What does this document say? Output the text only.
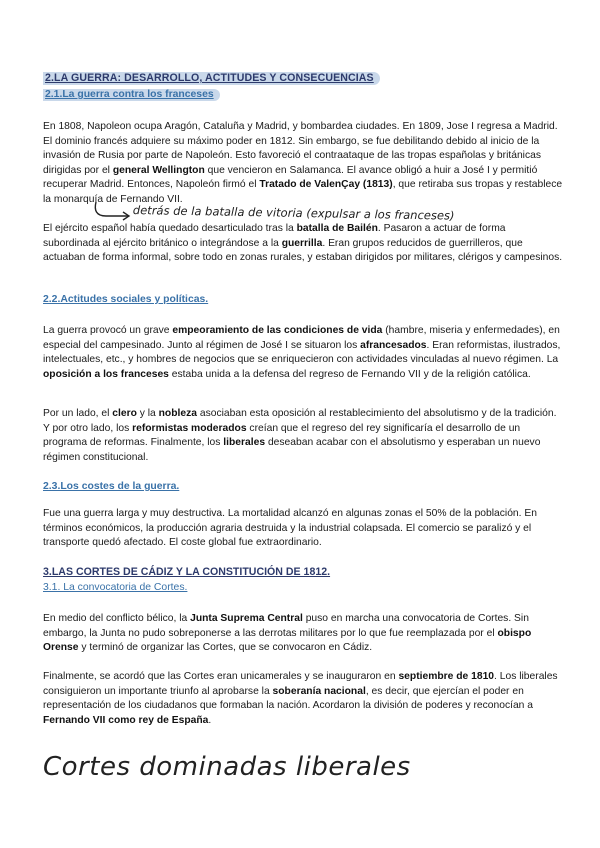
2.LA GUERRA: DESARROLLO, ACTITUDES Y CONSECUENCIAS
2.1.La guerra contra los franceses

En 1808, Napoleon ocupa Aragón, Cataluña y Madrid, y bombardea ciudades. En 1809, Jose I regresa a Madrid. El dominio francés adquiere su máximo poder en 1812. Sin embargo, se fue debilitando debido al inicio de la invasión de Rusia por parte de Napoleón. Esto favoreció el contraataque de las tropas españolas y británicas dirigidas por el general Wellington que vencieron en Salamanca. El avance obligó a huir a José I y permitió recuperar Madrid. Entonces, Napoleón firmó el Tratado de ValenÇay (1813), que retiraba sus tropas y restablece la monarquía de Fernando VII.

detrás de la batalla de vitoria (expulsar a los franceses)

El ejército español había quedado desarticulado tras la batalla de Bailén. Pasaron a actuar de forma subordinada al ejército británico o integrándose a la guerrilla. Eran grupos reducidos de guerrilleros, que actuaban de forma informal, sobre todo en zonas rurales, y estaban dirigidos por militares, clérigos y campesinos.

2.2.Actitudes sociales y políticas.

La guerra provocó un grave empeoramiento de las condiciones de vida (hambre, miseria y enfermedades), en especial del campesinado. Junto al régimen de José I se situaron los afrancesados. Eran reformistas, ilustrados, intelectuales, etc., y hombres de negocios que se enriquecieron con actividades vinculadas al nuevo régimen. La oposición a los franceses estaba unida a la defensa del regreso de Fernando VII y de la religión católica.

Por un lado, el clero y la nobleza asociaban esta oposición al restablecimiento del absolutismo y de la tradición. Y por otro lado, los reformistas moderados creían que el regreso del rey significaría el desarrollo de un programa de reformas. Finalmente, los liberales deseaban acabar con el absolutismo y esperaban un nuevo régimen constitucional.

2.3.Los costes de la guerra.

Fue una guerra larga y muy destructiva. La mortalidad alcanzó en algunas zonas el 50% de la población. En términos económicos, la producción agraria destruida y la industrial colapsada. El comercio se paralizó y el transporte quedó afectado. El coste global fue extraordinario.

3.LAS CORTES DE CÁDIZ Y LA CONSTITUCIÓN DE 1812.
3.1. La convocatoria de Cortes.

En medio del conflicto bélico, la Junta Suprema Central puso en marcha una convocatoria de Cortes. Sin embargo, la Junta no pudo sobreponerse a las derrotas militares por lo que fue reemplazada por el obispo Orense y terminó de organizar las Cortes, que se convocaron en Cádiz.

Finalmente, se acordó que las Cortes eran unicamerales y se inauguraron en septiembre de 1810. Los liberales consiguieron un importante triunfo al aprobarse la soberanía nacional, es decir, que ejercían el poder en representación de los ciudadanos que formaban la nación. Acordaron la división de poderes y reconocían a Fernando VII como rey de España.

Cortes dominadas liberales
